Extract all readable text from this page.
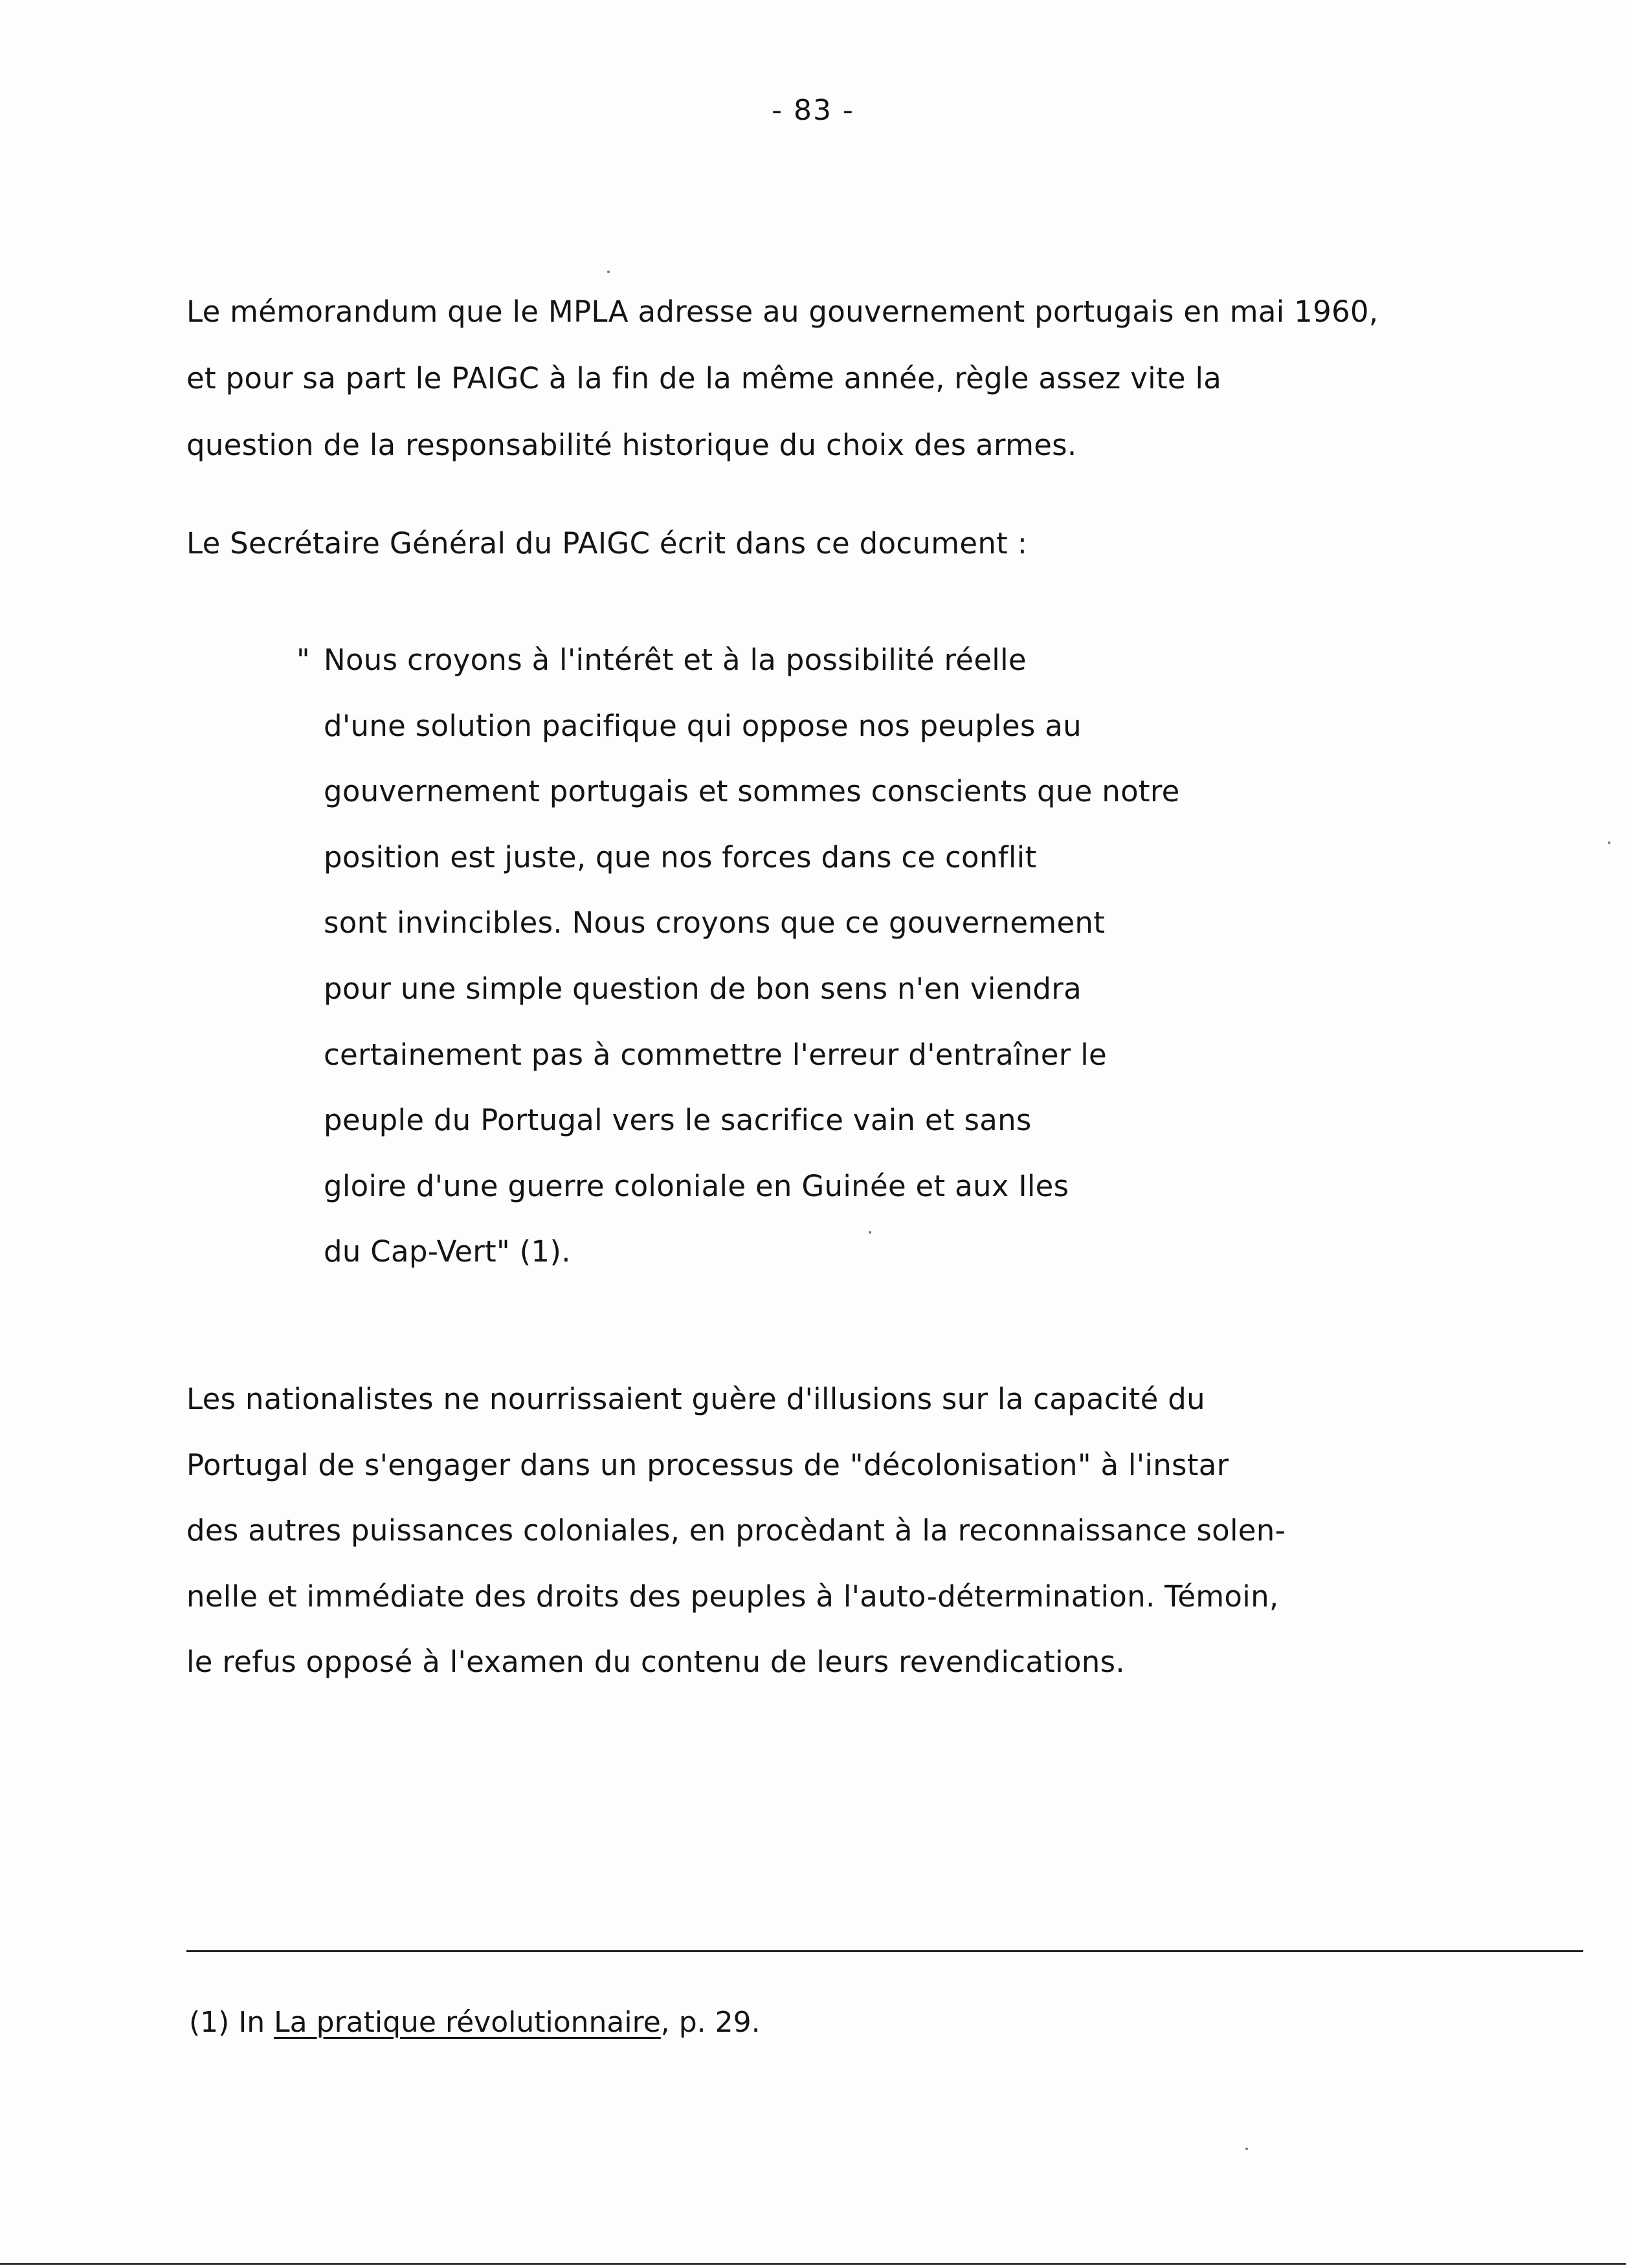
- 83 -
Le mémorandum que le MPLA adresse au gouvernement portugais en mai 1960,
et pour sa part le PAIGC à la fin de la même année, règle assez vite la
question de la responsabilité historique du choix des armes.
Le Secrétaire Général du PAIGC écrit dans ce document :
" Nous croyons à l'intérêt et à la possibilité réelle
d'une solution pacifique qui oppose nos peuples au
gouvernement portugais et sommes conscients que notre
position est juste, que nos forces dans ce conflit
sont invincibles. Nous croyons que ce gouvernement
pour une simple question de bon sens n'en viendra
certainement pas à commettre l'erreur d'entraîner le
peuple du Portugal vers le sacrifice vain et sans
gloire d'une guerre coloniale en Guinée et aux Iles
du Cap-Vert" (1).
Les nationalistes ne nourrissaient guère d'illusions sur la capacité du
Portugal de s'engager dans un processus de "décolonisation" à l'instar
des autres puissances coloniales, en procèdant à la reconnaissance solen-
nelle et immédiate des droits des peuples à l'auto-détermination. Témoin,
le refus opposé à l'examen du contenu de leurs revendications.
(1) In La pratique révolutionnaire, p. 29.
